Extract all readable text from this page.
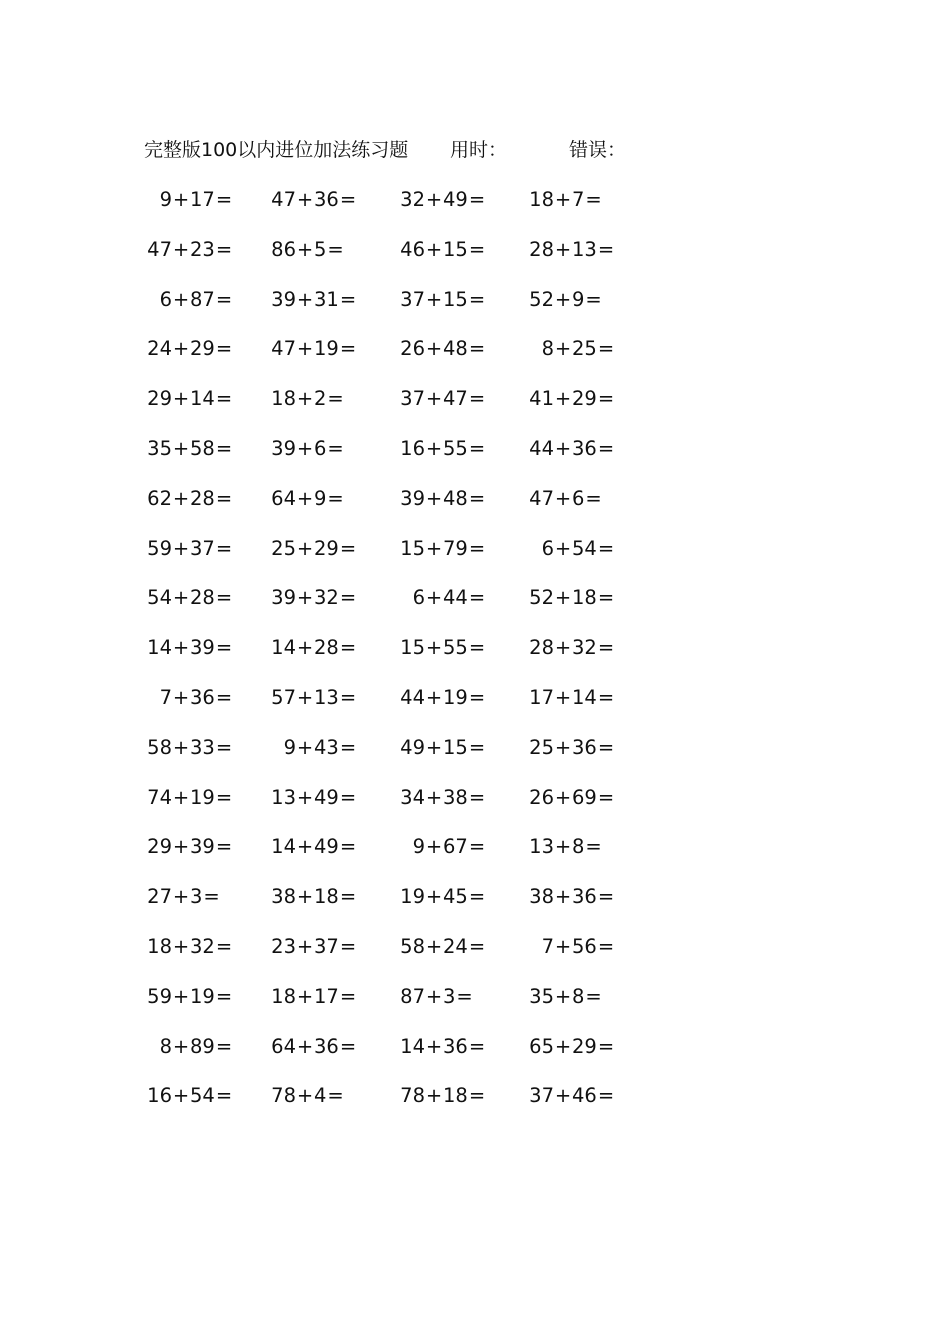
完整版100以内进位加法练习题 用时：	错误：
9+17=	47+36=	32+49=	18+7=
47+23=	86+5=	46+15=	28+13=
6+87=	39+31=	37+15=	52+9=
24+29=	47+19=	26+48=	8+25=
29+14=	18+2=	37+47=	41+29=
35+58=	39+6=	16+55=	44+36=
62+28=	64+9=	39+48=	47+6=
59+37=	25+29=	15+79=	6+54=
54+28=	39+32=	6+44=	52+18=
14+39=	14+28=	15+55=	28+32=
7+36=	57+13=	44+19=	17+14=
58+33=	9+43=	49+15=	25+36=
74+19=	13+49=	34+38=	26+69=
29+39=	14+49=	9+67=	13+8=
27+3=	38+18=	19+45=	38+36=
18+32=	23+37=	58+24=	7+56=
59+19=	18+17=	87+3=	35+8=
8+89=	64+36=	14+36=	65+29=
16+54=	78+4=	78+18=	37+46=
